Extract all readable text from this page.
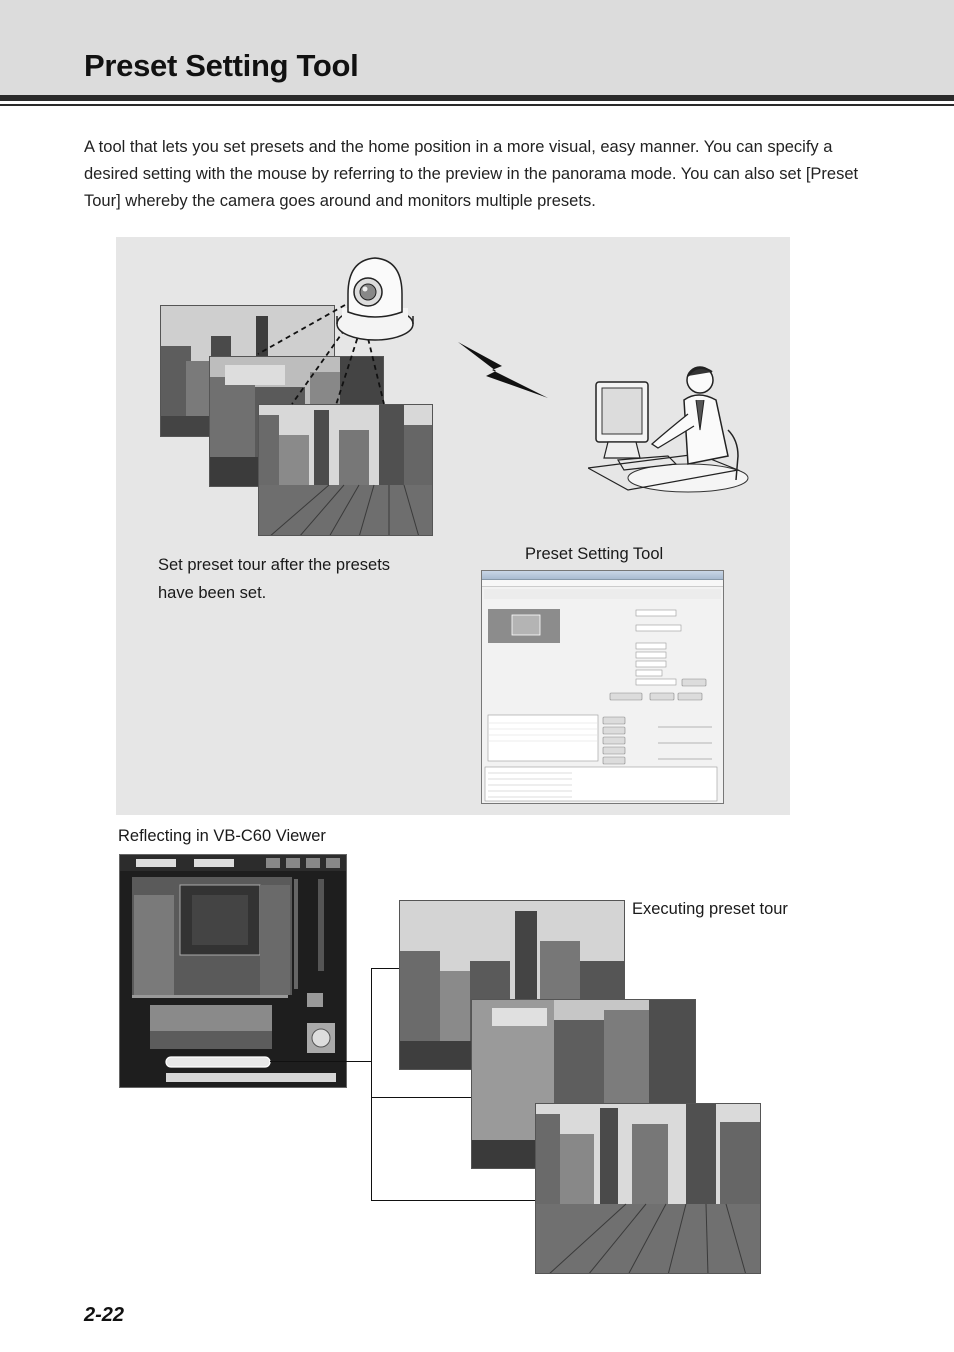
Preset Setting Tool

A tool that lets you set presets and the home position in a more visual, easy manner. You can specify a desired setting with the mouse by referring to the preview in the panorama mode. You can also set [Preset Tour] whereby the camera goes around and monitors multiple presets.

Set preset tour after the presets
have been set.
Preset Setting Tool
Reflecting in VB-C60 Viewer
Executing preset tour
2-22
